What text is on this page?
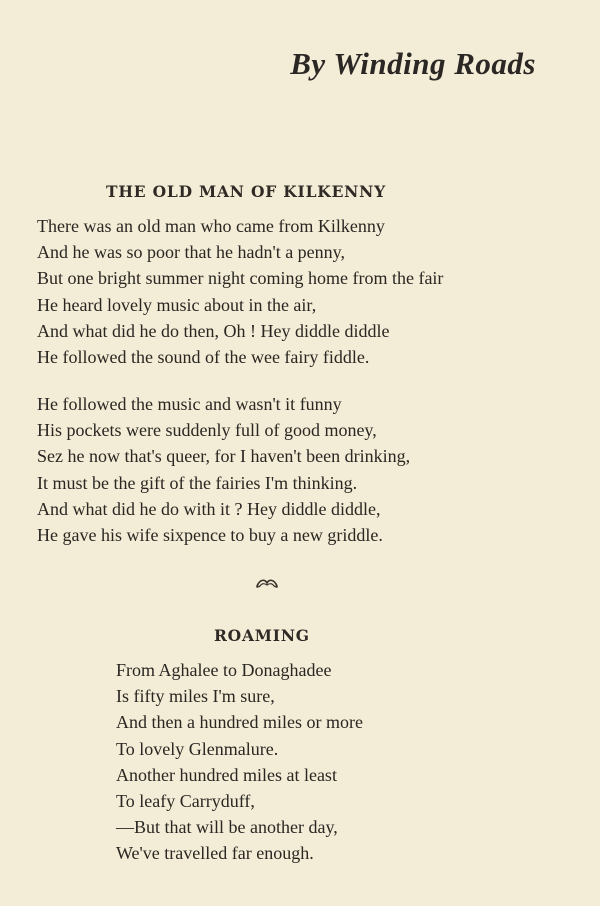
By Winding Roads
THE OLD MAN OF KILKENNY
There was an old man who came from Kilkenny
And he was so poor that he hadn't a penny,
But one bright summer night coming home from the fair
He heard lovely music about in the air,
And what did he do then, Oh ! Hey diddle diddle
He followed the sound of the wee fairy fiddle.
He followed the music and wasn't it funny
His pockets were suddenly full of good money,
Sez he now that's queer, for I haven't been drinking,
It must be the gift of the fairies I'm thinking.
And what did he do with it ? Hey diddle diddle,
He gave his wife sixpence to buy a new griddle.
ROAMING
From Aghalee to Donaghadee
Is fifty miles I'm sure,
And then a hundred miles or more
To lovely Glenmalure.
Another hundred miles at least
To leafy Carryduff,
—But that will be another day,
We've travelled far enough.
